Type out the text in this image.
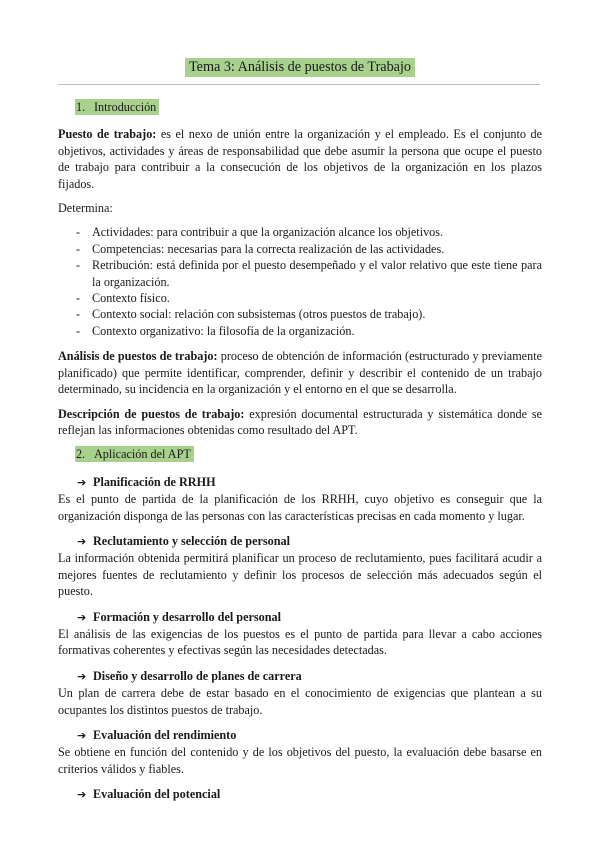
Tema 3: Análisis de puestos de Trabajo
1. Introducción

Puesto de trabajo: es el nexo de unión entre la organización y el empleado. Es el conjunto de objetivos, actividades y áreas de responsabilidad que debe asumir la persona que ocupe el puesto de trabajo para contribuir a la consecución de los objetivos de la organización en los plazos fijados.

Determina:

- Actividades: para contribuir a que la organización alcance los objetivos.
- Competencias: necesarias para la correcta realización de las actividades.
- Retribución: está definida por el puesto desempeñado y el valor relativo que este tiene para la organización.
- Contexto físico.
- Contexto social: relación con subsistemas (otros puestos de trabajo).
- Contexto organizativo: la filosofía de la organización.

Análisis de puestos de trabajo: proceso de obtención de información (estructurado y previamente planificado) que permite identificar, comprender, definir y describir el contenido de un trabajo determinado, su incidencia en la organización y el entorno en el que se desarrolla.

Descripción de puestos de trabajo: expresión documental estructurada y sistemática donde se reflejan las informaciones obtenidas como resultado del APT.

2. Aplicación del APT
➔ Planificación de RRHH

Es el punto de partida de la planificación de los RRHH, cuyo objetivo es conseguir que la organización disponga de las personas con las características precisas en cada momento y lugar.

➔ Reclutamiento y selección de personal

La información obtenida permitirá planificar un proceso de reclutamiento, pues facilitará acudir a mejores fuentes de reclutamiento y definir los procesos de selección más adecuados según el puesto.

➔ Formación y desarrollo del personal

El análisis de las exigencias de los puestos es el punto de partida para llevar a cabo acciones formativas coherentes y efectivas según las necesidades detectadas.

➔ Diseño y desarrollo de planes de carrera

Un plan de carrera debe de estar basado en el conocimiento de exigencias que plantean a su ocupantes los distintos puestos de trabajo.

➔ Evaluación del rendimiento

Se obtiene en función del contenido y de los objetivos del puesto, la evaluación debe basarse en criterios válidos y fiables.

➔ Evaluación del potencial
